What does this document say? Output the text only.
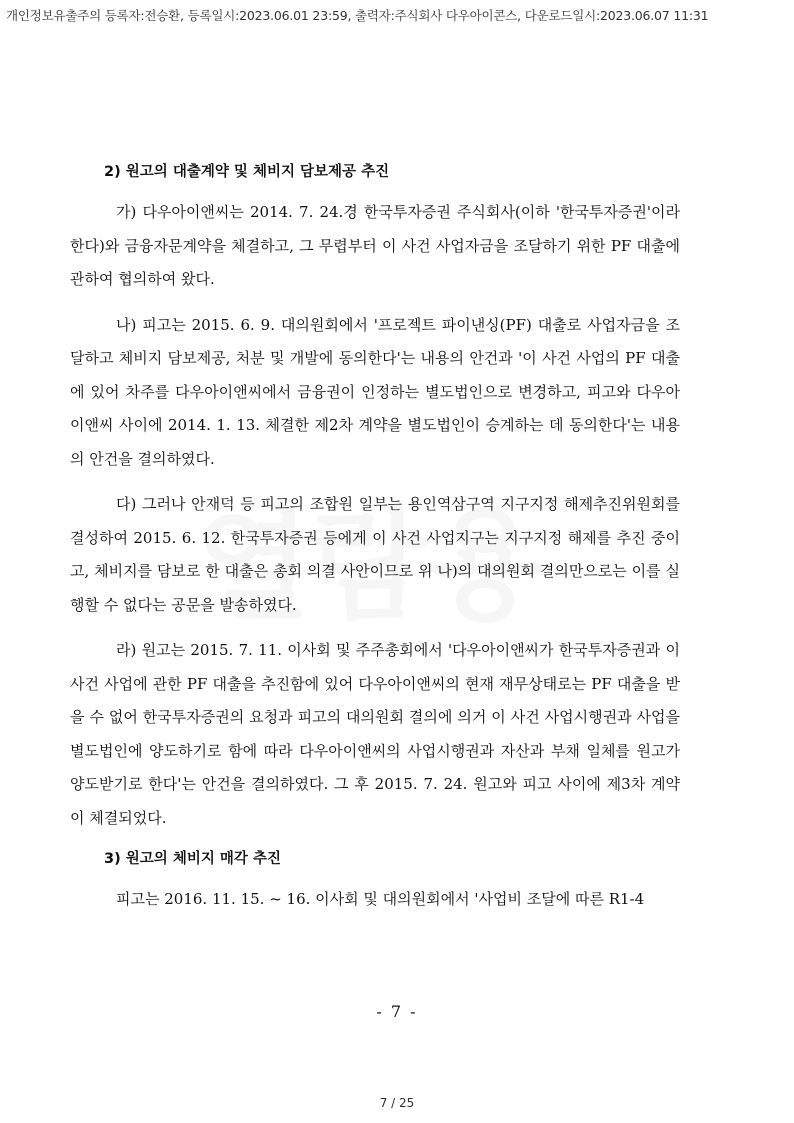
개인정보유출주의 등록자:전승환, 등록일시:2023.06.01 23:59, 출력자:주식회사 다우아이콘스, 다운로드일시:2023.06.07 11:31
2) 원고의 대출계약 및 체비지 담보제공 추진

가) 다우아이앤씨는 2014. 7. 24.경 한국투자증권 주식회사(이하 '한국투자증권'이라 한다)와 금융자문계약을 체결하고, 그 무렵부터 이 사건 사업자금을 조달하기 위한 PF 대출에 관하여 협의하여 왔다.

나) 피고는 2015. 6. 9. 대의원회에서 '프로젝트 파이낸싱(PF) 대출로 사업자금을 조달하고 체비지 담보제공, 처분 및 개발에 동의한다'는 내용의 안건과 '이 사건 사업의 PF 대출에 있어 차주를 다우아이앤씨에서 금융권이 인정하는 별도법인으로 변경하고, 피고와 다우아이앤씨 사이에 2014. 1. 13. 체결한 제2차 계약을 별도법인이 승계하는 데 동의한다'는 내용의 안건을 결의하였다.

다) 그러나 안재덕 등 피고의 조합원 일부는 용인역삼구역 지구지정 해제추진위원회를 결성하여 2015. 6. 12. 한국투자증권 등에게 이 사건 사업지구는 지구지정 해제를 추진 중이고, 체비지를 담보로 한 대출은 총회 의결 사안이므로 위 나)의 대의원회 결의만으로는 이를 실행할 수 없다는 공문을 발송하였다.

라) 원고는 2015. 7. 11. 이사회 및 주주총회에서 '다우아이앤씨가 한국투자증권과 이 사건 사업에 관한 PF 대출을 추진함에 있어 다우아이앤씨의 현재 재무상태로는 PF 대출을 받을 수 없어 한국투자증권의 요청과 피고의 대의원회 결의에 의거 이 사건 사업시행권과 사업을 별도법인에 양도하기로 함에 따라 다우아이앤씨의 사업시행권과 자산과 부채 일체를 원고가 양도받기로 한다'는 안건을 결의하였다. 그 후 2015. 7. 24. 원고와 피고 사이에 제3차 계약이 체결되었다.

3) 원고의 체비지 매각 추진

피고는 2016. 11. 15. ~ 16. 이사회 및 대의원회에서 '사업비 조달에 따른 R1-4

- 7 -
7 / 25
